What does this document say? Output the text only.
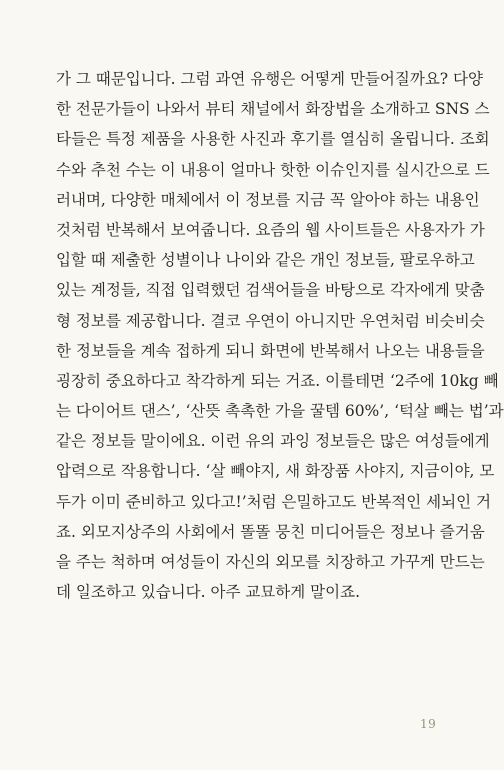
가 그 때문입니다. 그럼 과연 유행은 어떻게 만들어질까요? 다양
한 전문가들이 나와서 뷰티 채널에서 화장법을 소개하고 SNS 스
타들은 특정 제품을 사용한 사진과 후기를 열심히 올립니다. 조회
수와 추천 수는 이 내용이 얼마나 핫한 이슈인지를 실시간으로 드
러내며, 다양한 매체에서 이 정보를 지금 꼭 알아야 하는 내용인
것처럼 반복해서 보여줍니다. 요즘의 웹 사이트들은 사용자가 가
입할 때 제출한 성별이나 나이와 같은 개인 정보들, 팔로우하고
있는 계정들, 직접 입력했던 검색어들을 바탕으로 각자에게 맞춤
형 정보를 제공합니다. 결코 우연이 아니지만 우연처럼 비슷비슷
한 정보들을 계속 접하게 되니 화면에 반복해서 나오는 내용들을
굉장히 중요하다고 착각하게 되는 거죠. 이를테면 ‘2주에 10kg 빼
는 다이어트 댄스’, ‘산뜻 촉촉한 가을 꿀템 60%’, ‘턱살 빼는 법’과
같은 정보들 말이에요. 이런 유의 과잉 정보들은 많은 여성들에게
압력으로 작용합니다. ‘살 빼야지, 새 화장품 사야지, 지금이야, 모
두가 이미 준비하고 있다고!’처럼 은밀하고도 반복적인 세뇌인 거
죠. 외모지상주의 사회에서 똘똘 뭉친 미디어들은 정보나 즐거움
을 주는 척하며 여성들이 자신의 외모를 치장하고 가꾸게 만드는
데 일조하고 있습니다. 아주 교묘하게 말이죠.
19
